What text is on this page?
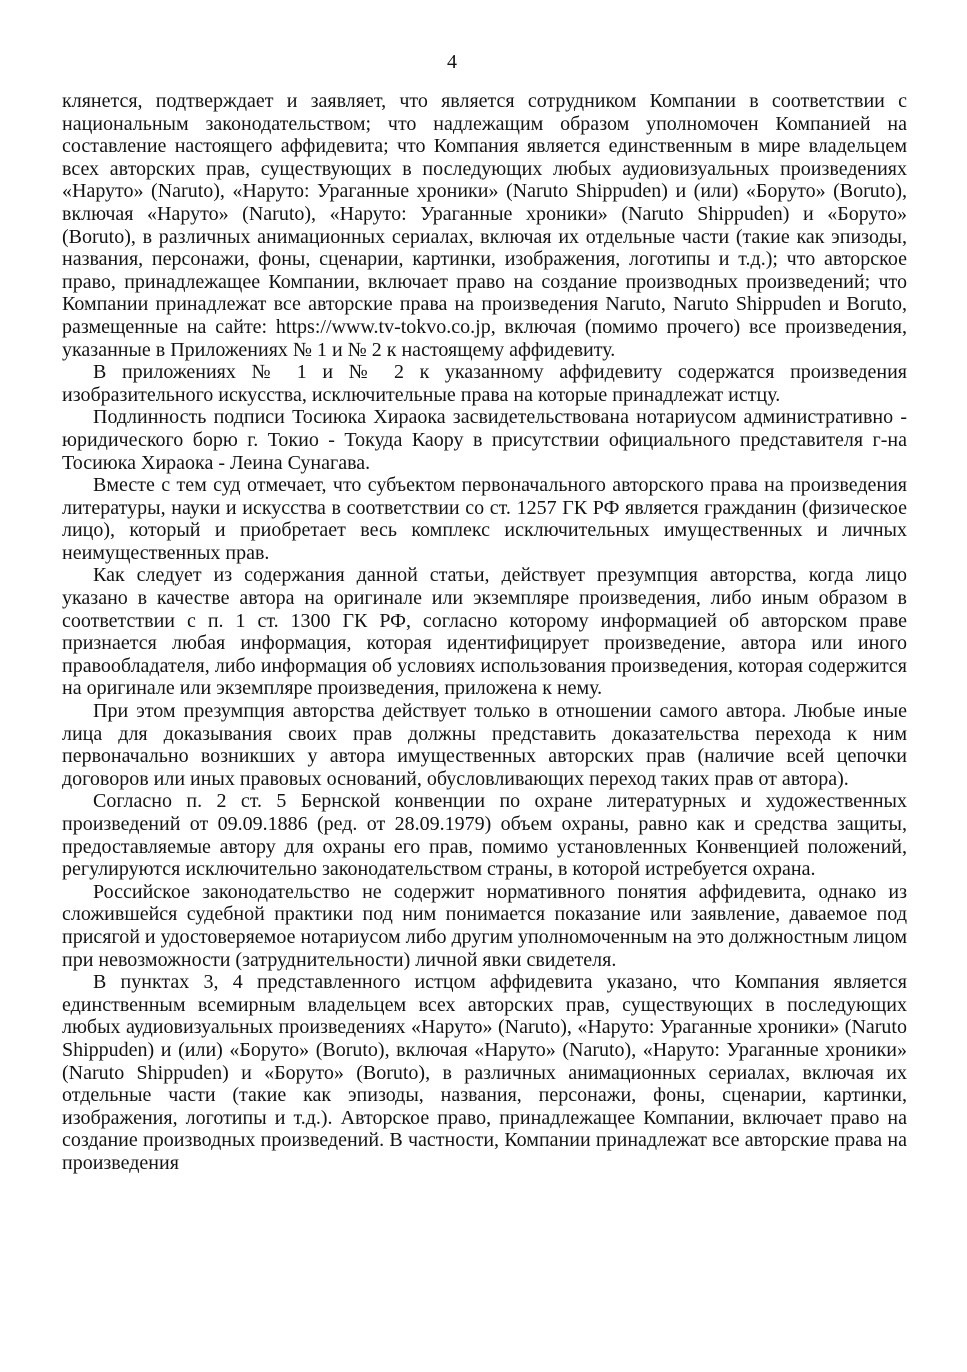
4

клянется, подтверждает и заявляет, что является сотрудником Компании в соответствии с национальным законодательством; что надлежащим образом уполномочен Компанией на составление настоящего аффидевита; что Компания является единственным в мире владельцем всех авторских прав, существующих в последующих любых аудиовизуальных произведениях «Наруто» (Naruto), «Наруто: Ураганные хроники» (Naruto Shippuden) и (или) «Боруто» (Boruto), включая «Наруто» (Naruto), «Наруто: Ураганные хроники» (Naruto Shippuden) и «Боруто» (Boruto), в различных анимационных сериалах, включая их отдельные части (такие как эпизоды, названия, персонажи, фоны, сценарии, картинки, изображения, логотипы и т.д.); что авторское право, принадлежащее Компании, включает право на создание производных произведений; что Компании принадлежат все авторские права на произведения Naruto, Naruto Shippuden и Boruto, размещенные на сайте: https://www.tv-tokvo.co.jp, включая (помимо прочего) все произведения, указанные в Приложениях № 1 и № 2 к настоящему аффидевиту.

В приложениях № 1 и № 2 к указанному аффидевиту содержатся произведения изобразительного искусства, исключительные права на которые принадлежат истцу.

Подлинность подписи Тосиюка Хираока засвидетельствована нотариусом административно - юридического борю г. Токио - Токуда Каору в присутствии официального представителя г-на Тосиюка Хираока - Леина Сунагава.

Вместе с тем суд отмечает, что субъектом первоначального авторского права на произведения литературы, науки и искусства в соответствии со ст. 1257 ГК РФ является гражданин (физическое лицо), который и приобретает весь комплекс исключительных имущественных и личных неимущественных прав.

Как следует из содержания данной статьи, действует презумпция авторства, когда лицо указано в качестве автора на оригинале или экземпляре произведения, либо иным образом в соответствии с п. 1 ст. 1300 ГК РФ, согласно которому информацией об авторском праве признается любая информация, которая идентифицирует произведение, автора или иного правообладателя, либо информация об условиях использования произведения, которая содержится на оригинале или экземпляре произведения, приложена к нему.

При этом презумпция авторства действует только в отношении самого автора. Любые иные лица для доказывания своих прав должны представить доказательства перехода к ним первоначально возникших у автора имущественных авторских прав (наличие всей цепочки договоров или иных правовых оснований, обусловливающих переход таких прав от автора).

Согласно п. 2 ст. 5 Бернской конвенции по охране литературных и художественных произведений от 09.09.1886 (ред. от 28.09.1979) объем охраны, равно как и средства защиты, предоставляемые автору для охраны его прав, помимо установленных Конвенцией положений, регулируются исключительно законодательством страны, в которой истребуется охрана.

Российское законодательство не содержит нормативного понятия аффидевита, однако из сложившейся судебной практики под ним понимается показание или заявление, даваемое под присягой и удостоверяемое нотариусом либо другим уполномоченным на это должностным лицом при невозможности (затруднительности) личной явки свидетеля.

В пунктах 3, 4 представленного истцом аффидевита указано, что Компания является единственным всемирным владельцем всех авторских прав, существующих в последующих любых аудиовизуальных произведениях «Наруто» (Naruto), «Наруто: Ураганные хроники» (Naruto Shippuden) и (или) «Боруто» (Boruto), включая «Наруто» (Naruto), «Наруто: Ураганные хроники» (Naruto Shippuden) и «Боруто» (Boruto), в различных анимационных сериалах, включая их отдельные части (такие как эпизоды, названия, персонажи, фоны, сценарии, картинки, изображения, логотипы и т.д.). Авторское право, принадлежащее Компании, включает право на создание производных произведений. В частности, Компании принадлежат все авторские права на произведения
